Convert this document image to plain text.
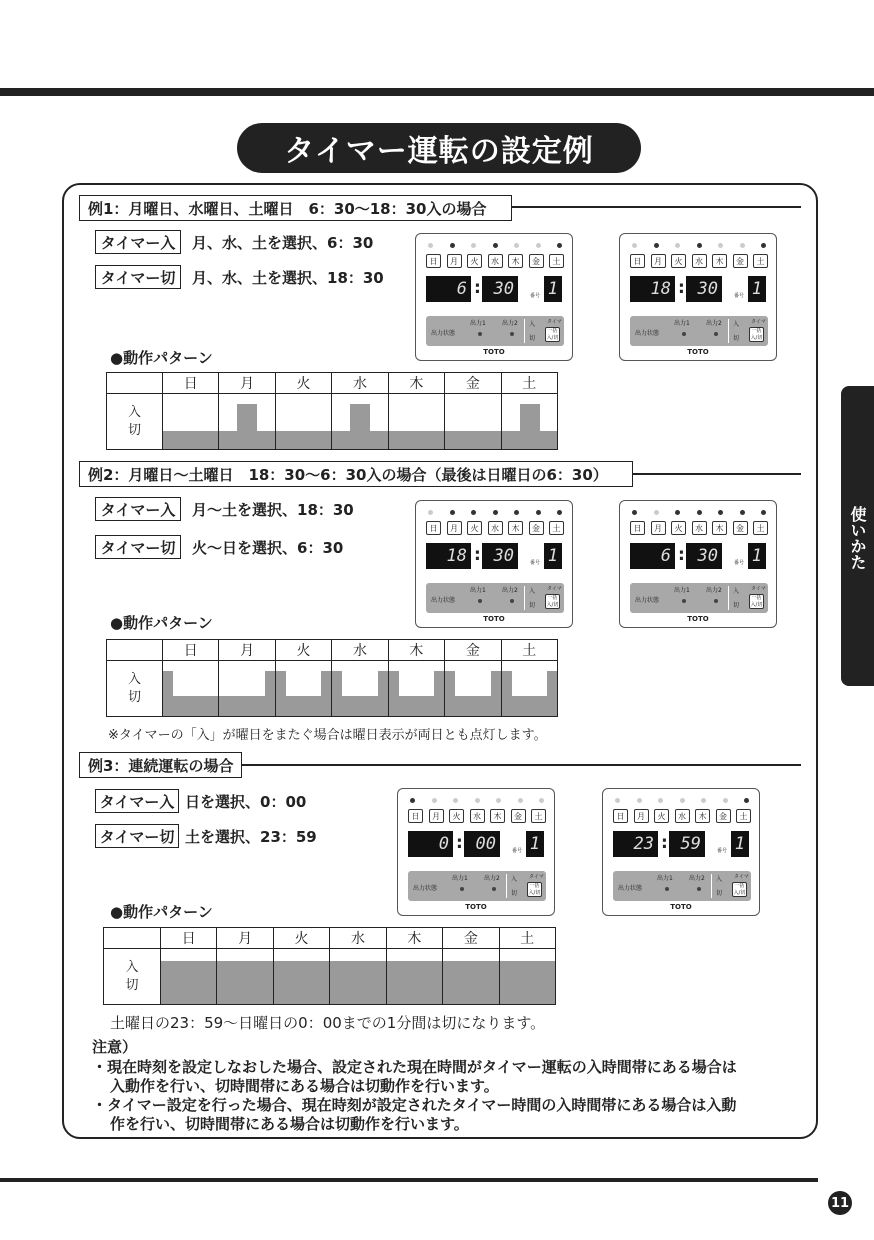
タイマー運転の設定例
例1：月曜日、水曜日、土曜日　6：30〜18：30入の場合
タイマー入	月、水、土を選択、6：30
タイマー切	月、水、土を選択、18：30
●動作パターン
日	月	火	水	木	金	土
6 : 30	番号 1
出力状態
出力1	出力2 入
切
タイマ
一括入/切
TOTO
日	月	火	水	木	金	土
18 : 30	番号 1
出力状態
出力1	出力2 入
切
タイマ
一括入/切
TOTO
	日	月	火	水	木	金	土
入
切	

例2：月曜日〜土曜日　18：30〜6：30入の場合（最後は日曜日の6：30）
タイマー入	月〜土を選択、18：30
タイマー切	火〜日を選択、6：30
●動作パターン
日	月	火	水	木	金	土
18 : 30	番号 1
出力状態
出力1	出力2 入
切
タイマ
一括入/切
TOTO
日	月	火	水	木	金	土
6 : 30	番号 1
出力状態
出力1	出力2 入
切
タイマ
一括入/切
TOTO
	日	月	火	水	木	金	土
入
切	

※タイマーの「入」が曜日をまたぐ場合は曜日表示が両日とも点灯します。
例3：連続運転の場合
タイマー入 日を選択、0：00
タイマー切 土を選択、23：59
●動作パターン
日	月	火	水	木	金	土
0 : 00	番号 1
出力状態
出力1	出力2 入
切
タイマ
一括入/切
TOTO
日	月	火	水	木	金	土
23 : 59	番号 1
出力状態
出力1	出力2 入
切
タイマ
一括入/切
TOTO
	日	月	火	水	木	金	土
入
切	

土曜日の23：59〜日曜日の0：00までの1分間は切になります。
注意）
・現在時刻を設定しなおした場合、設定された現在時間がタイマー運転の入時間帯にある場合は
入動作を行い、切時間帯にある場合は切動作を行います。
・タイマー設定を行った場合、現在時刻が設定されたタイマー時間の入時間帯にある場合は入動
作を行い、切時間帯にある場合は切動作を行います。
使いかた
11
